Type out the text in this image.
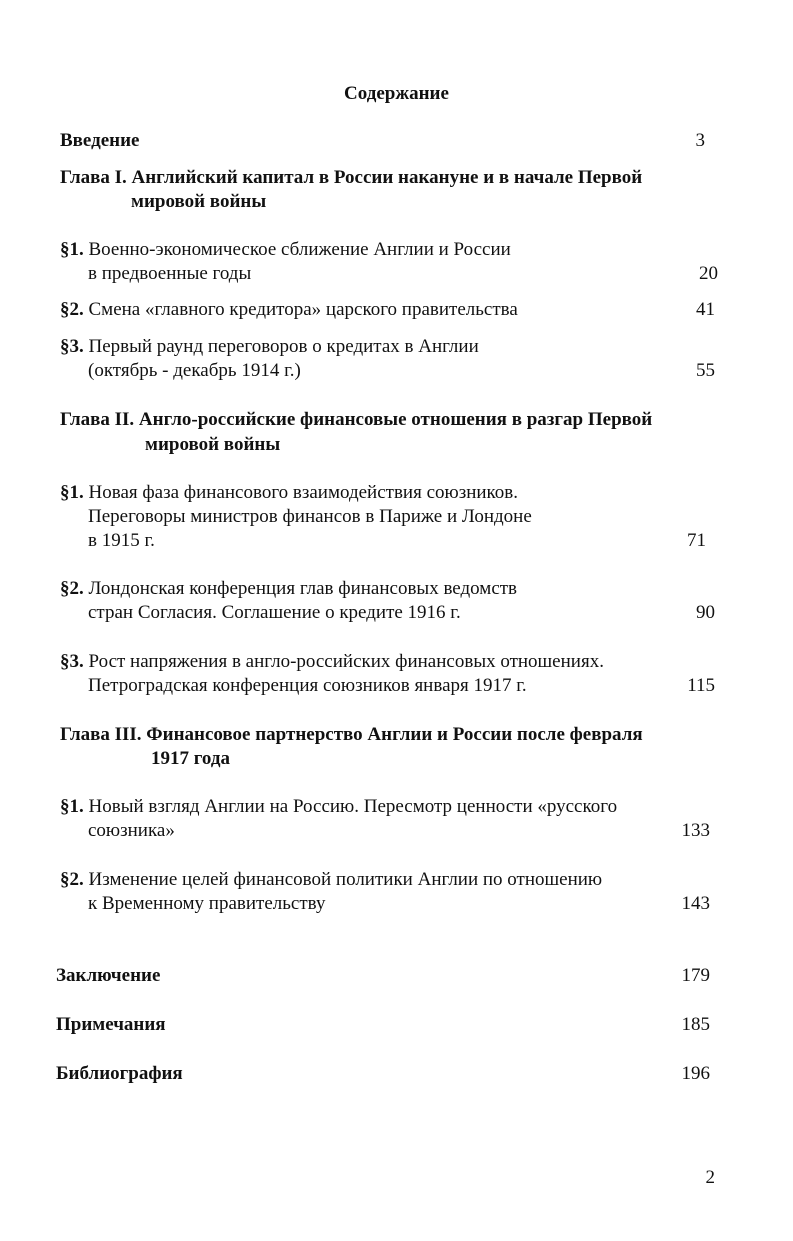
Содержание
Введение	3
Глава I. Английский капитал в России накануне и в начале Первой
мировой войны
§1. Военно-экономическое сближение Англии и России
в предвоенные годы	20
§2. Смена «главного кредитора» царского правительства	41
§3. Первый раунд переговоров о кредитах в Англии
(октябрь - декабрь 1914 г.)	55
Глава II. Англо-российские финансовые отношения в разгар Первой
мировой войны
§1. Новая фаза финансового взаимодействия союзников.
Переговоры министров финансов в Париже и Лондоне
в 1915 г.	71
§2. Лондонская конференция глав финансовых ведомств
стран Согласия. Соглашение о кредите 1916 г.	90
§3. Рост напряжения в англо-российских финансовых отношениях.
Петроградская конференция союзников января 1917 г.	115
Глава III. Финансовое партнерство Англии и России после февраля
1917 года
§1. Новый взгляд Англии на Россию. Пересмотр ценности «русского
союзника»	133
§2. Изменение целей финансовой политики Англии по отношению
к Временному правительству	143
Заключение	179
Примечания	185
Библиография	196
2
